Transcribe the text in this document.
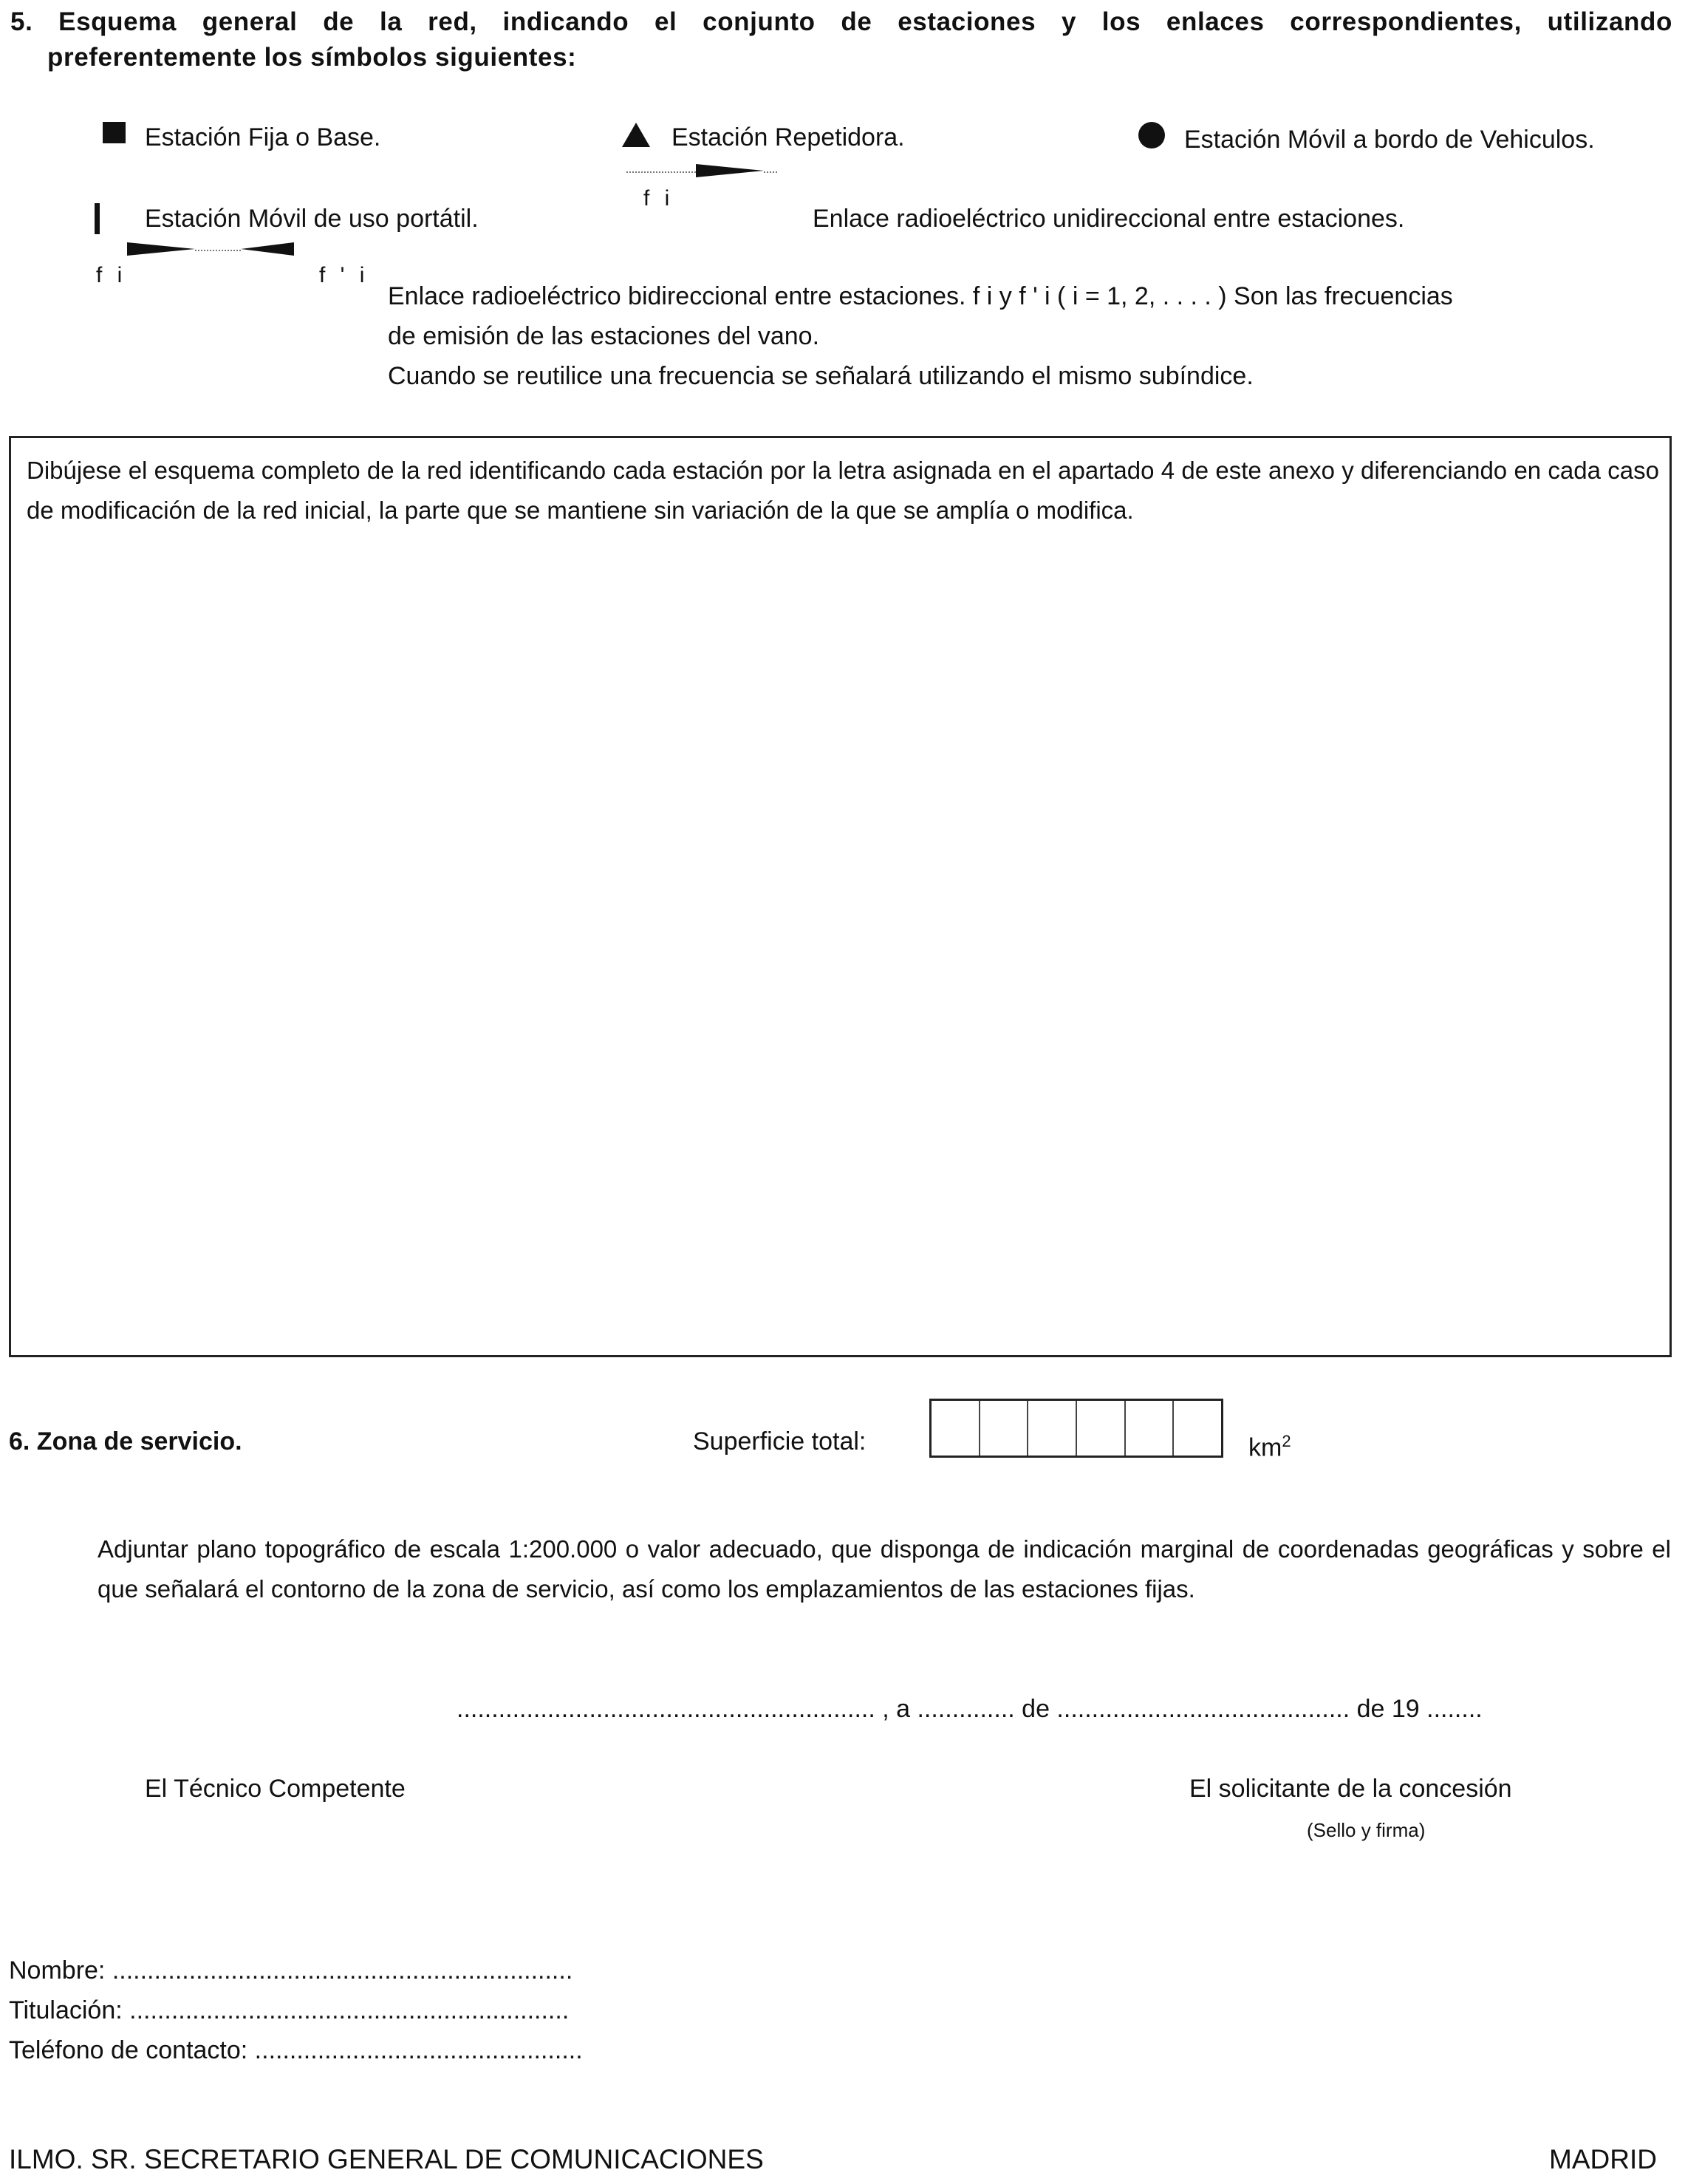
5. Esquema general de la red, indicando el conjunto de estaciones y los enlaces correspondientes, utilizando
preferentemente los símbolos siguientes:
Estación Fija o Base.	Estación Repetidora.	Estación Móvil a bordo de Vehiculos.
f i
Estación Móvil de uso portátil.	Enlace radioeléctrico unidireccional entre estaciones.
f i	f ' i
Enlace radioeléctrico bidireccional entre estaciones. f i y f ' i ( i = 1, 2, . . . . ) Son las frecuencias
de emisión de las estaciones del vano.
Cuando se reutilice una frecuencia se señalará utilizando el mismo subíndice.
Dibújese el esquema completo de la red identificando cada estación por la letra asignada en el apartado 4 de este anexo y diferenciando en cada caso de modificación de la red inicial, la parte que se mantiene sin variación de la que se amplía o modifica.
6. Zona de servicio.	Superficie total:	$km^2$
Adjuntar plano topográfico de escala 1:200.000 o valor adecuado, que disponga de indicación marginal de coordenadas geográficas y sobre el que señalará el contorno de la zona de servicio, así como los emplazamientos de las estaciones fijas.
............................................................ , a .............. de .......................................... de 19 ........
El Técnico Competente	El solicitante de la concesión
(Sello y firma)
Nombre: ..................................................................
Titulación: ...............................................................
Teléfono de contacto: ...............................................
ILMO. SR. SECRETARIO GENERAL DE COMUNICACIONES	MADRID
